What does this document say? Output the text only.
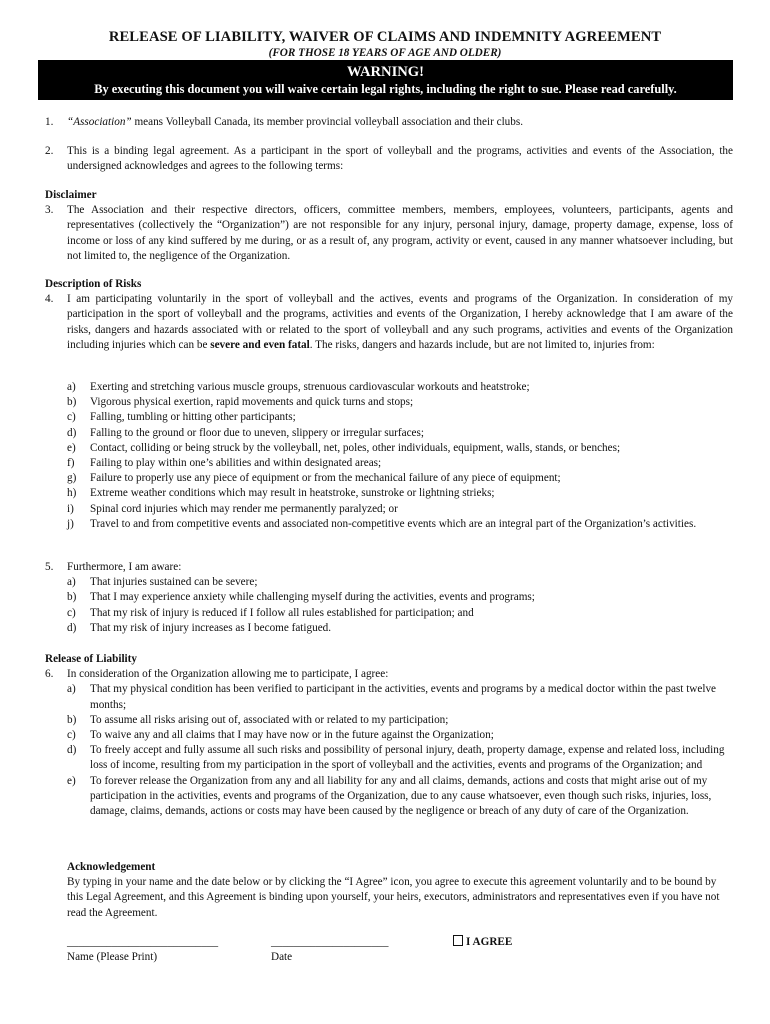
RELEASE OF LIABILITY, WAIVER OF CLAIMS AND INDEMNITY AGREEMENT
(FOR THOSE 18 YEARS OF AGE AND OLDER)
WARNING!
By executing this document you will waive certain legal rights, including the right to sue. Please read carefully.
1.	“Association” means Volleyball Canada, its member provincial volleyball association and their clubs.
2.	This is a binding legal agreement. As a participant in the sport of volleyball and the programs, activities and events of the Association, the undersigned acknowledges and agrees to the following terms:
Disclaimer
3.	The Association and their respective directors, officers, committee members, members, employees, volunteers, participants, agents and representatives (collectively the “Organization”) are not responsible for any injury, personal injury, damage, property damage, expense, loss of income or loss of any kind suffered by me during, or as a result of, any program, activity or event, caused in any manner whatsoever including, but not limited to, the negligence of the Organization.
Description of Risks
4.	I am participating voluntarily in the sport of volleyball and the actives, events and programs of the Organization. In consideration of my participation in the sport of volleyball and the programs, activities and events of the Organization, I hereby acknowledge that I am aware of the risks, dangers and hazards associated with or related to the sport of volleyball and any such programs, activities and events of the Organization including injuries which can be severe and even fatal. The risks, dangers and hazards include, but are not limited to, injuries from:
a)	Exerting and stretching various muscle groups, strenuous cardiovascular workouts and heatstroke;
b)	Vigorous physical exertion, rapid movements and quick turns and stops;
c)	Falling, tumbling or hitting other participants;
d)	Falling to the ground or floor due to uneven, slippery or irregular surfaces;
e)	Contact, colliding or being struck by the volleyball, net, poles, other individuals, equipment, walls, stands, or benches;
f)	Failing to play within one’s abilities and within designated areas;
g)	Failure to properly use any piece of equipment or from the mechanical failure of any piece of equipment;
h)	Extreme weather conditions which may result in heatstroke, sunstroke or lightning strieks;
i)	Spinal cord injuries which may render me permanently paralyzed; or
j)	Travel to and from competitive events and associated non-competitive events which are an integral part of the Organization’s activities.
5.	Furthermore, I am aware:
a)	That injuries sustained can be severe;
b)	That I may experience anxiety while challenging myself during the activities, events and programs;
c)	That my risk of injury is reduced if I follow all rules established for participation; and
d)	That my risk of injury increases as I become fatigued.
Release of Liability
6.	In consideration of the Organization allowing me to participate, I agree:
a)	That my physical condition has been verified to participant in the activities, events and programs by a medical doctor within the past twelve months;
b)	To assume all risks arising out of, associated with or related to my participation;
c)	To waive any and all claims that I may have now or in the future against the Organization;
d)	To freely accept and fully assume all such risks and possibility of personal injury, death, property damage, expense and related loss, including loss of income, resulting from my participation in the sport of volleyball and the activities, events and programs of the Organization; and
e)	To forever release the Organization from any and all liability for any and all claims, demands, actions and costs that might arise out of my participation in the activities, events and programs of the Organization, due to any cause whatsoever, even though such risks, injuries, loss, damage, claims, demands, actions or costs may have been caused by the negligence or breach of any duty of care of the Organization.
Acknowledgement
By typing in your name and the date below or by clicking the “I Agree” icon, you agree to execute this agreement voluntarily and to be bound by this Legal Agreement, and this Agreement is binding upon yourself, your heirs, executors, administrators and representatives even if you have not read the Agreement.
___________________________
Name (Please Print)
_____________________
Date
I AGREE
